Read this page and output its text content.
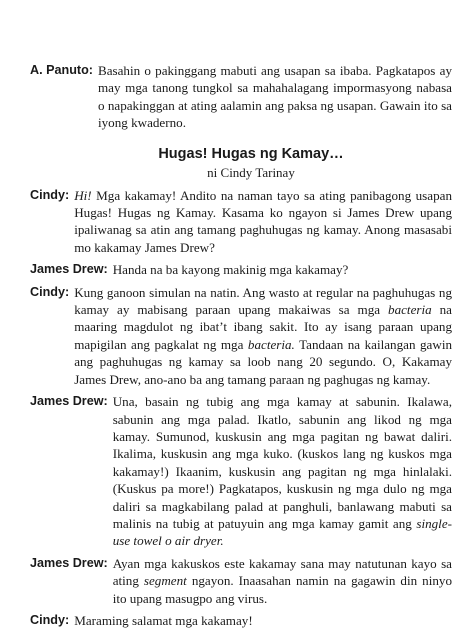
A. Panuto: Basahin o pakinggang mabuti ang usapan sa ibaba. Pagkatapos ay may mga tanong tungkol sa mahahalagang impormasyong nabasa o napakinggan at ating aalamin ang paksa ng usapan. Gawain ito sa iyong kwaderno.
Hugas! Hugas ng Kamay…
ni Cindy Tarinay
Cindy: Hi! Mga kakamay! Andito na naman tayo sa ating panibagong usapan Hugas! Hugas ng Kamay. Kasama ko ngayon si James Drew upang ipaliwanag sa atin ang tamang paghuhugas ng kamay. Anong masasabi mo kakamay James Drew?
James Drew: Handa na ba kayong makinig mga kakamay?
Cindy: Kung ganoon simulan na natin. Ang wasto at regular na paghuhugas ng kamay ay mabisang paraan upang makaiwas sa mga bacteria na maaring magdulot ng ibat’t ibang sakit. Ito ay isang paraan upang mapigilan ang pagkalat ng mga bacteria. Tandaan na kailangan gawin ang paghuhugas ng kamay sa loob nang 20 segundo. O, Kakamay James Drew, ano-ano ba ang tamang paraan ng paghugas ng kamay.
James Drew: Una, basain ng tubig ang mga kamay at sabunin. Ikalawa, sabunin ang mga palad. Ikatlo, sabunin ang likod ng mga kamay. Sumunod, kuskusin ang mga pagitan ng bawat daliri. Ikalima, kuskusin ang mga kuko. (kuskos lang ng kuskos mga kakamay!) Ikaanim, kuskusin ang pagitan ng mga hinlalaki. (Kuskus pa more!) Pagkatapos, kuskusin ng mga dulo ng mga daliri sa magkabilang palad at panghuli, banlawang mabuti sa malinis na tubig at patuyuin ang mga kamay gamit ang single-use towel o air dryer.
James Drew: Ayan mga kakuskos este kakamay sana may natutunan kayo sa ating segment ngayon. Inaasahan namin na gagawin din ninyo ito upang masugpo ang virus.
Cindy: Maraming salamat mga kakamay!
